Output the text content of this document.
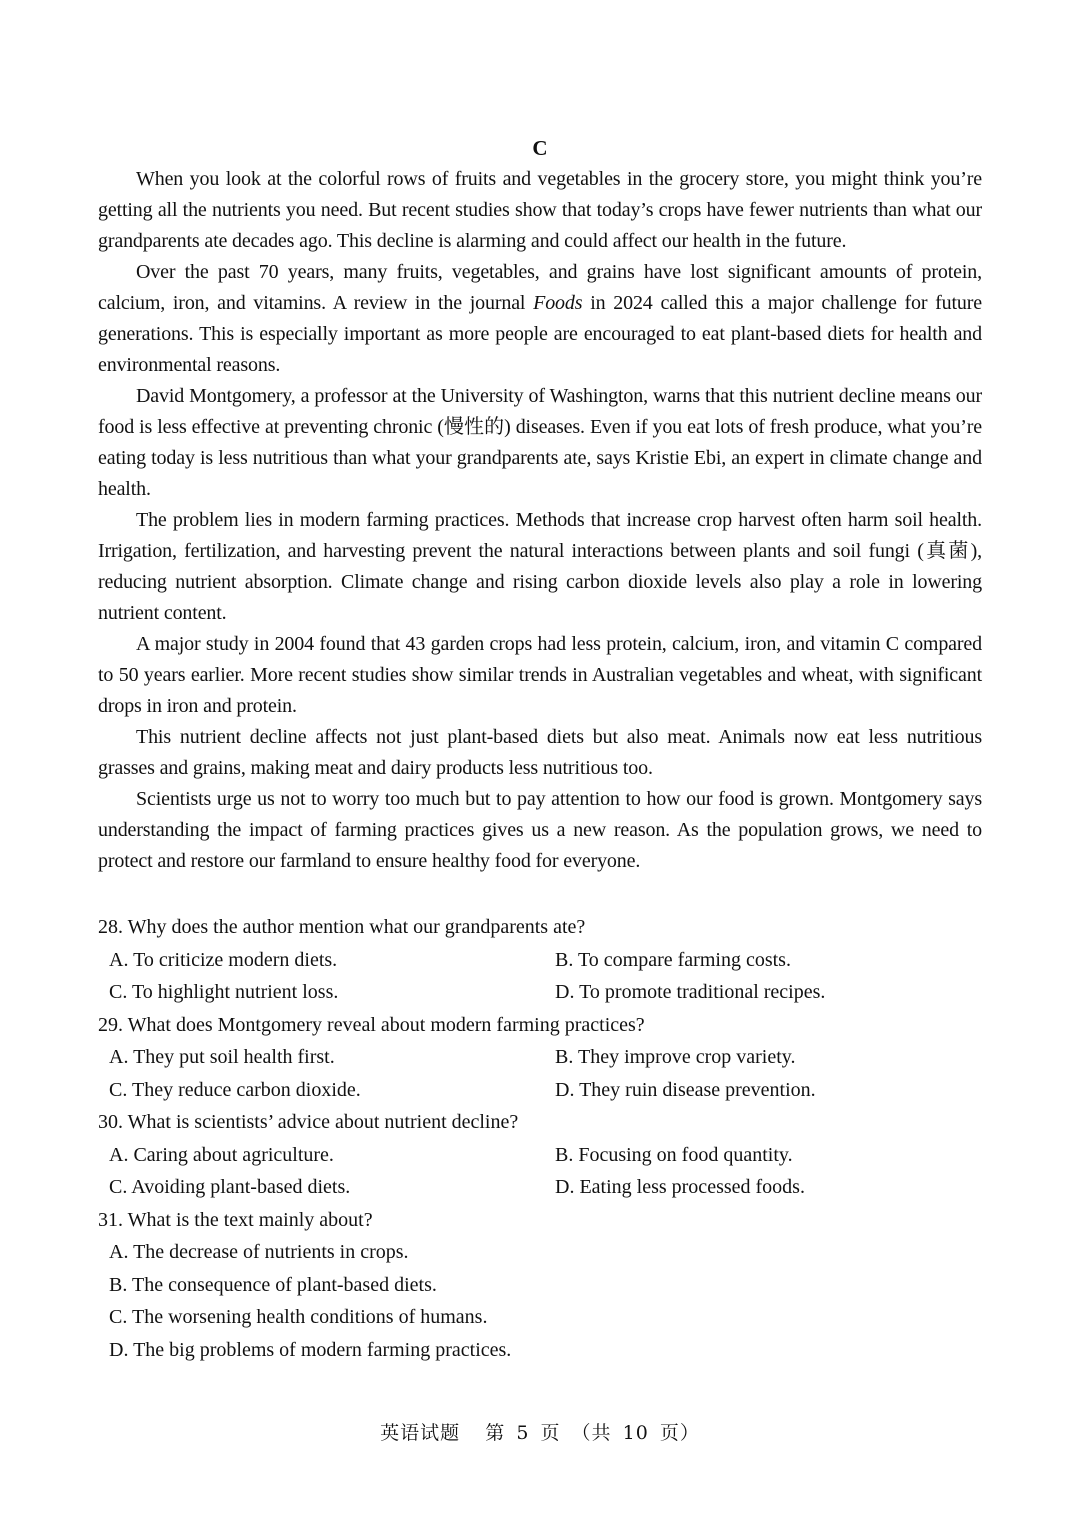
C

When you look at the colorful rows of fruits and vegetables in the grocery store, you might think you’re getting all the nutrients you need. But recent studies show that today’s crops have fewer nutrients than what our grandparents ate decades ago. This decline is alarming and could affect our health in the future.

Over the past 70 years, many fruits, vegetables, and grains have lost significant amounts of protein, calcium, iron, and vitamins. A review in the journal Foods in 2024 called this a major challenge for future generations. This is especially important as more people are encouraged to eat plant-based diets for health and environmental reasons.

David Montgomery, a professor at the University of Washington, warns that this nutrient decline means our food is less effective at preventing chronic (慢性的) diseases. Even if you eat lots of fresh produce, what you’re eating today is less nutritious than what your grandparents ate, says Kristie Ebi, an expert in climate change and health.

The problem lies in modern farming practices. Methods that increase crop harvest often harm soil health. Irrigation, fertilization, and harvesting prevent the natural interactions between plants and soil fungi (真菌), reducing nutrient absorption. Climate change and rising carbon dioxide levels also play a role in lowering nutrient content.

A major study in 2004 found that 43 garden crops had less protein, calcium, iron, and vitamin C compared to 50 years earlier. More recent studies show similar trends in Australian vegetables and wheat, with significant drops in iron and protein.

This nutrient decline affects not just plant-based diets but also meat. Animals now eat less nutritious grasses and grains, making meat and dairy products less nutritious too.

Scientists urge us not to worry too much but to pay attention to how our food is grown. Montgomery says understanding the impact of farming practices gives us a new reason. As the population grows, we need to protect and restore our farmland to ensure healthy food for everyone.

28. Why does the author mention what our grandparents ate?
A. To criticize modern diets.	B. To compare farming costs.
C. To highlight nutrient loss.	D. To promote traditional recipes.
29. What does Montgomery reveal about modern farming practices?
A. They put soil health first.	B. They improve crop variety.
C. They reduce carbon dioxide.	D. They ruin disease prevention.
30. What is scientists’ advice about nutrient decline?
A. Caring about agriculture.	B. Focusing on food quantity.
C. Avoiding plant-based diets.	D. Eating less processed foods.
31. What is the text mainly about?
A. The decrease of nutrients in crops.
B. The consequence of plant-based diets.
C. The worsening health conditions of humans.
D. The big problems of modern farming practices.
英语试题 第 5 页 （共 10 页）
